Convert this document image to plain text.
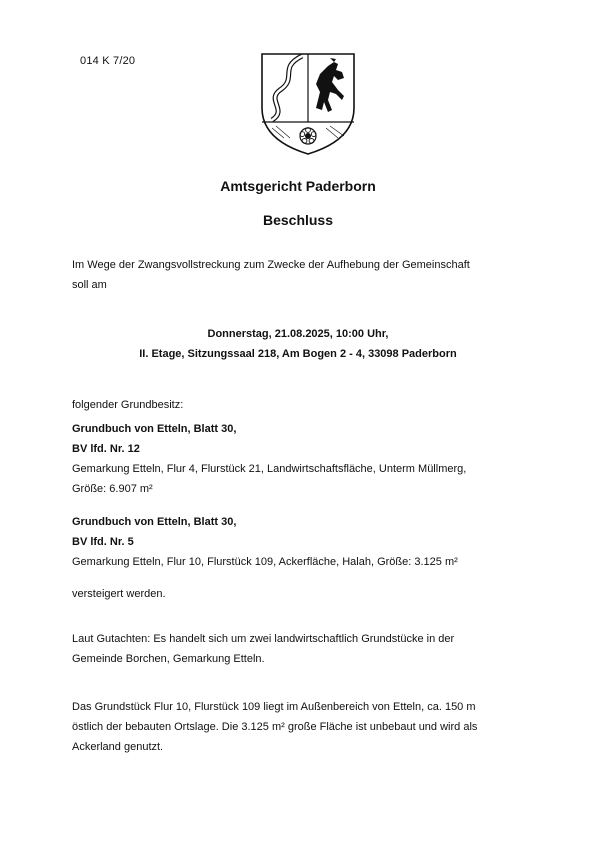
014 K 7/20
Amtsgericht Paderborn
Beschluss
Im Wege der Zwangsvollstreckung zum Zwecke der Aufhebung der Gemeinschaft
soll am
Donnerstag, 21.08.2025, 10:00 Uhr,
II. Etage, Sitzungssaal 218, Am Bogen 2 - 4, 33098 Paderborn
folgender Grundbesitz:
Grundbuch von Etteln, Blatt 30,
BV lfd. Nr. 12
Gemarkung Etteln, Flur 4, Flurstück 21, Landwirtschaftsfläche, Unterm Müllmerg,
Größe: 6.907 m²
Grundbuch von Etteln, Blatt 30,
BV lfd. Nr. 5
Gemarkung Etteln, Flur 10, Flurstück 109, Ackerfläche, Halah, Größe: 3.125 m²
versteigert werden.
Laut Gutachten: Es handelt sich um zwei landwirtschaftlich Grundstücke in der
Gemeinde Borchen, Gemarkung Etteln.
Das Grundstück Flur 10, Flurstück 109 liegt im Außenbereich von Etteln, ca. 150 m
östlich der bebauten Ortslage. Die 3.125 m² große Fläche ist unbebaut und wird als
Ackerland genutzt.
